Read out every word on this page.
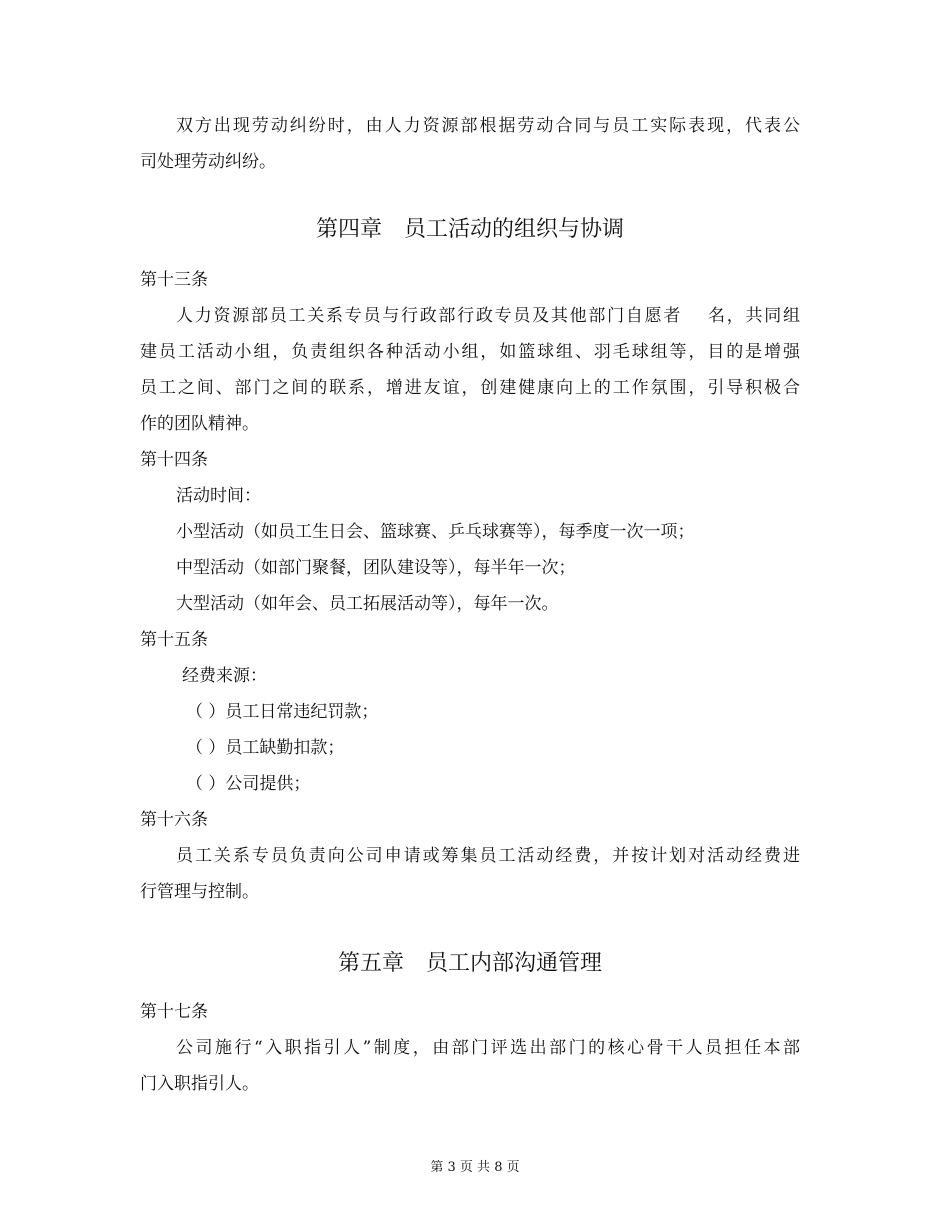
双方出现劳动纠纷时，由人力资源部根据劳动合同与员工实际表现，代表公
司处理劳动纠纷。
第四章　员工活动的组织与协调
第十三条
人力资源部员工关系专员与行政部行政专员及其他部门自愿者　 名，共同组
建员工活动小组，负责组织各种活动小组，如篮球组、羽毛球组等，目的是增强
员工之间、部门之间的联系，增进友谊，创建健康向上的工作氛围，引导积极合
作的团队精神。
第十四条
活动时间：
小型活动（如员工生日会、篮球赛、乒乓球赛等），每季度一次一项；
中型活动（如部门聚餐，团队建设等），每半年一次；
大型活动（如年会、员工拓展活动等），每年一次。
第十五条
经费来源：
（ ）员工日常违纪罚款；
（ ）员工缺勤扣款；
（ ）公司提供；
第十六条
员工关系专员负责向公司申请或筹集员工活动经费，并按计划对活动经费进
行管理与控制。
第五章　员工内部沟通管理
第十七条
公司施行“入职指引人”制度，由部门评选出部门的核心骨干人员担任本部
门入职指引人。
第 3 页 共 8 页
